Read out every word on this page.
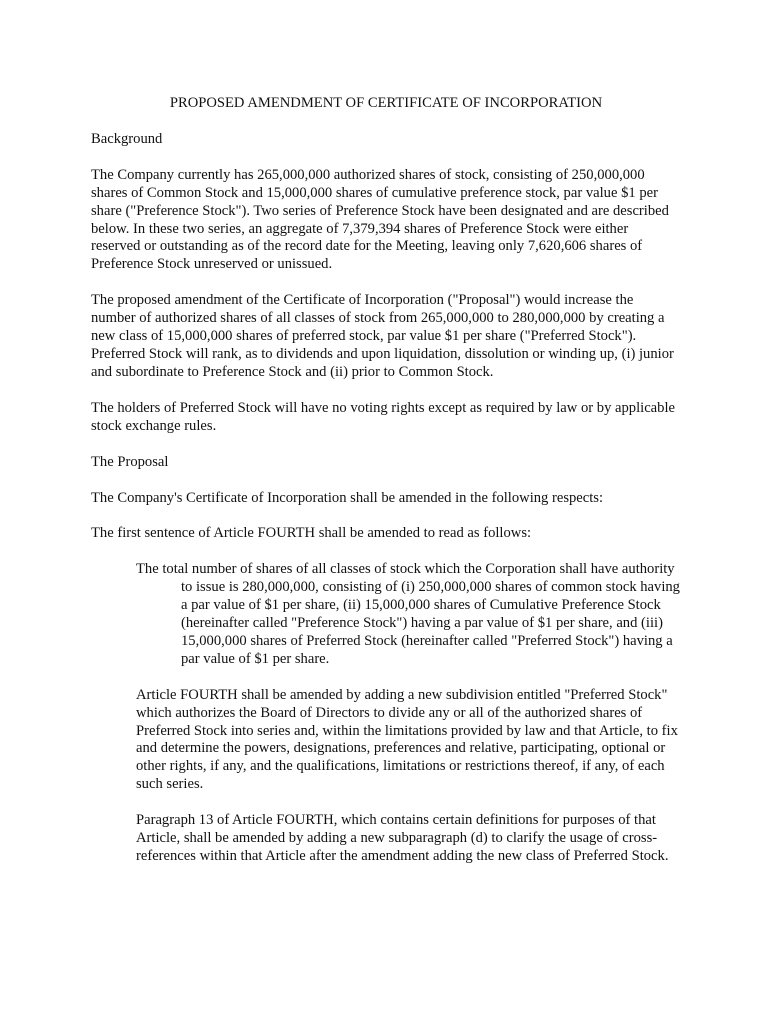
PROPOSED AMENDMENT OF CERTIFICATE OF INCORPORATION

Background

The Company currently has 265,000,000 authorized shares of stock, consisting of 250,000,000 shares of Common Stock and 15,000,000 shares of cumulative preference stock, par value $1 per share ("Preference Stock"). Two series of Preference Stock have been designated and are described below. In these two series, an aggregate of 7,379,394 shares of Preference Stock were either reserved or outstanding as of the record date for the Meeting, leaving only 7,620,606 shares of Preference Stock unreserved or unissued.

The proposed amendment of the Certificate of Incorporation ("Proposal") would increase the number of authorized shares of all classes of stock from 265,000,000 to 280,000,000 by creating a new class of 15,000,000 shares of preferred stock, par value $1 per share ("Preferred Stock"). Preferred Stock will rank, as to dividends and upon liquidation, dissolution or winding up, (i) junior and subordinate to Preference Stock and (ii) prior to Common Stock.

The holders of Preferred Stock will have no voting rights except as required by law or by applicable stock exchange rules.

The Proposal

The Company's Certificate of Incorporation shall be amended in the following respects:

The first sentence of Article FOURTH shall be amended to read as follows:

The total number of shares of all classes of stock which the Corporation shall have authority to issue is 280,000,000, consisting of (i) 250,000,000 shares of common stock having a par value of $1 per share, (ii) 15,000,000 shares of Cumulative Preference Stock (hereinafter called "Preference Stock") having a par value of $1 per share, and (iii) 15,000,000 shares of Preferred Stock (hereinafter called "Preferred Stock") having a par value of $1 per share.

Article FOURTH shall be amended by adding a new subdivision entitled "Preferred Stock" which authorizes the Board of Directors to divide any or all of the authorized shares of Preferred Stock into series and, within the limitations provided by law and that Article, to fix and determine the powers, designations, preferences and relative, participating, optional or other rights, if any, and the qualifications, limitations or restrictions thereof, if any, of each such series.

Paragraph 13 of Article FOURTH, which contains certain definitions for purposes of that Article, shall be amended by adding a new subparagraph (d) to clarify the usage of cross-references within that Article after the amendment adding the new class of Preferred Stock.
